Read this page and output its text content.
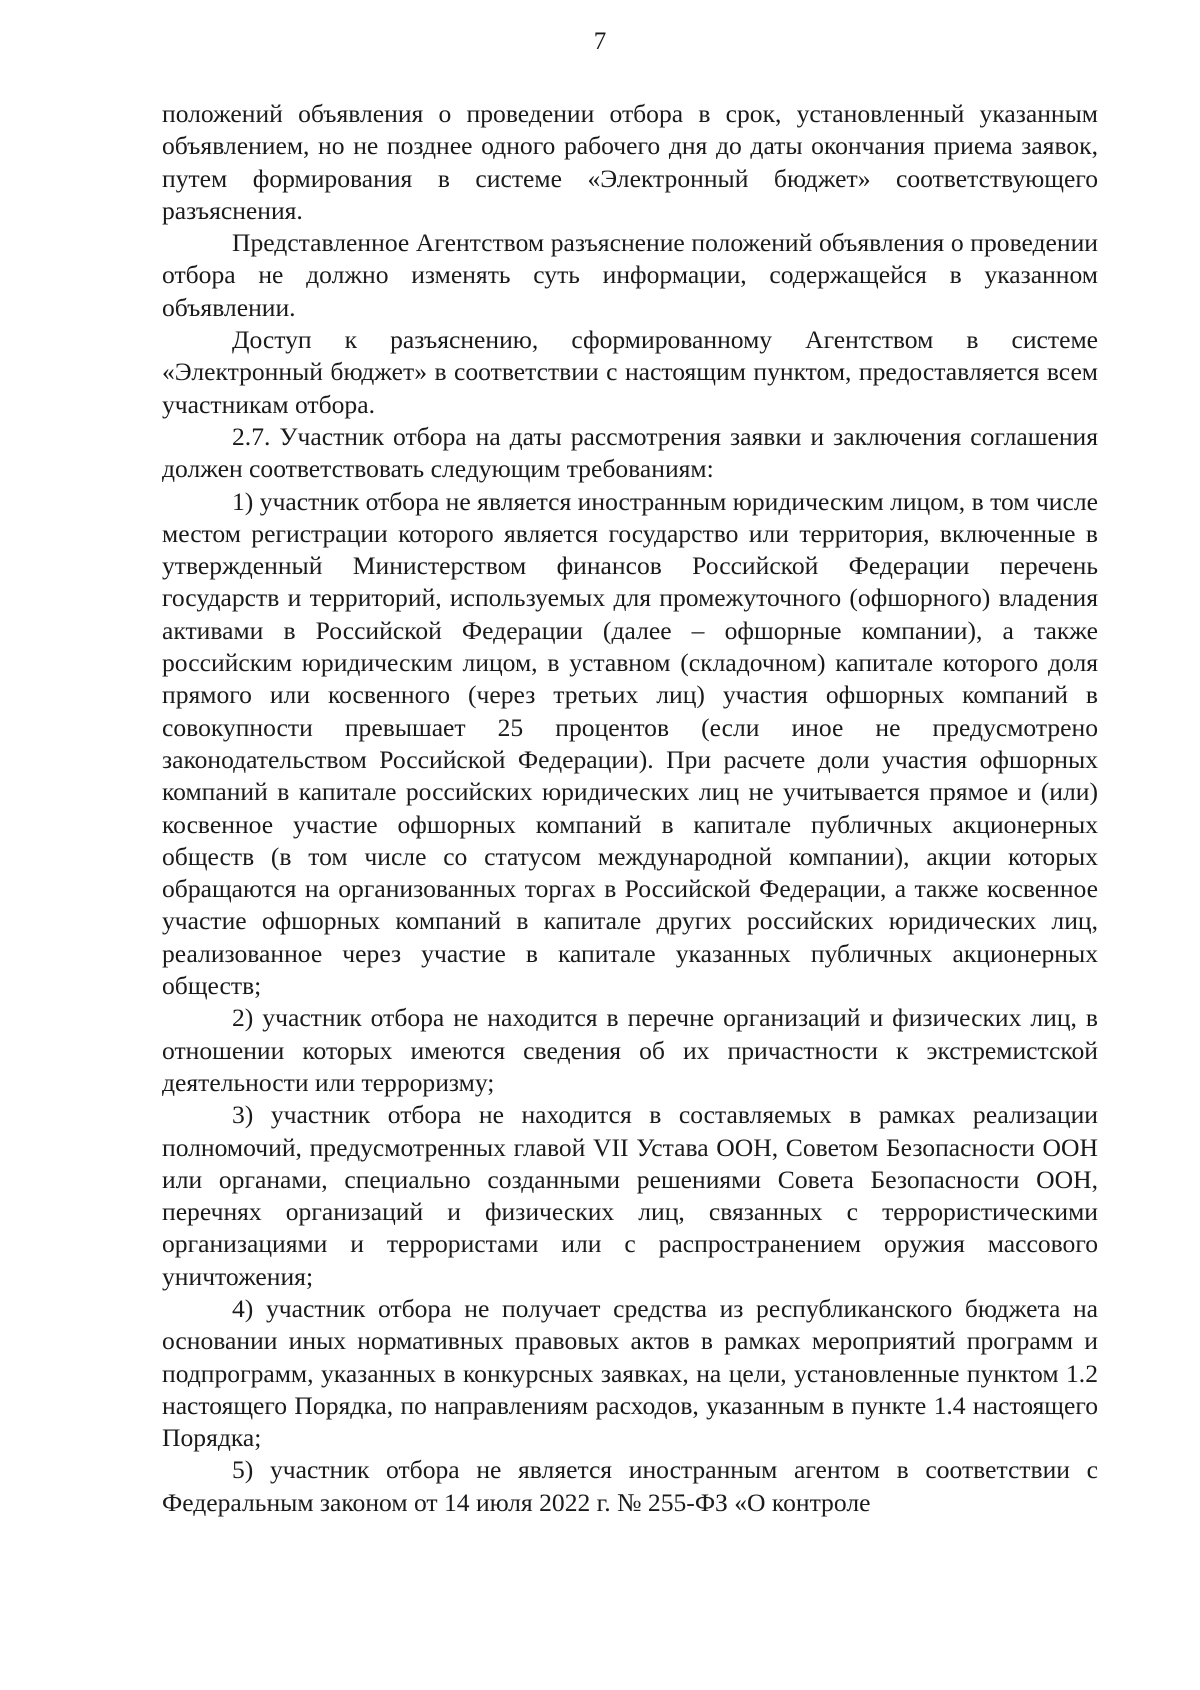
7

положений объявления о проведении отбора в срок, установленный указанным объявлением, но не позднее одного рабочего дня до даты окончания приема заявок, путем формирования в системе «Электронный бюджет» соответствующего разъяснения.

Представленное Агентством разъяснение положений объявления о проведении отбора не должно изменять суть информации, содержащейся в указанном объявлении.

Доступ к разъяснению, сформированному Агентством в системе «Электронный бюджет» в соответствии с настоящим пунктом, предоставляется всем участникам отбора.

2.7. Участник отбора на даты рассмотрения заявки и заключения соглашения должен соответствовать следующим требованиям:

1) участник отбора не является иностранным юридическим лицом, в том числе местом регистрации которого является государство или территория, включенные в утвержденный Министерством финансов Российской Федерации перечень государств и территорий, используемых для промежуточного (офшорного) владения активами в Российской Федерации (далее – офшорные компании), а также российским юридическим лицом, в уставном (складочном) капитале которого доля прямого или косвенного (через третьих лиц) участия офшорных компаний в совокупности превышает 25 процентов (если иное не предусмотрено законодательством Российской Федерации). При расчете доли участия офшорных компаний в капитале российских юридических лиц не учитывается прямое и (или) косвенное участие офшорных компаний в капитале публичных акционерных обществ (в том числе со статусом международной компании), акции которых обращаются на организованных торгах в Российской Федерации, а также косвенное участие офшорных компаний в капитале других российских юридических лиц, реализованное через участие в капитале указанных публичных акционерных обществ;

2) участник отбора не находится в перечне организаций и физических лиц, в отношении которых имеются сведения об их причастности к экстремистской деятельности или терроризму;

3) участник отбора не находится в составляемых в рамках реализации полномочий, предусмотренных главой VII Устава ООН, Советом Безопасности ООН или органами, специально созданными решениями Совета Безопасности ООН, перечнях организаций и физических лиц, связанных с террористическими организациями и террористами или с распространением оружия массового уничтожения;

4) участник отбора не получает средства из республиканского бюджета на основании иных нормативных правовых актов в рамках мероприятий программ и подпрограмм, указанных в конкурсных заявках, на цели, установленные пунктом 1.2 настоящего Порядка, по направлениям расходов, указанным в пункте 1.4 настоящего Порядка;

5) участник отбора не является иностранным агентом в соответствии с Федеральным законом от 14 июля 2022 г. № 255-ФЗ «О контроле
